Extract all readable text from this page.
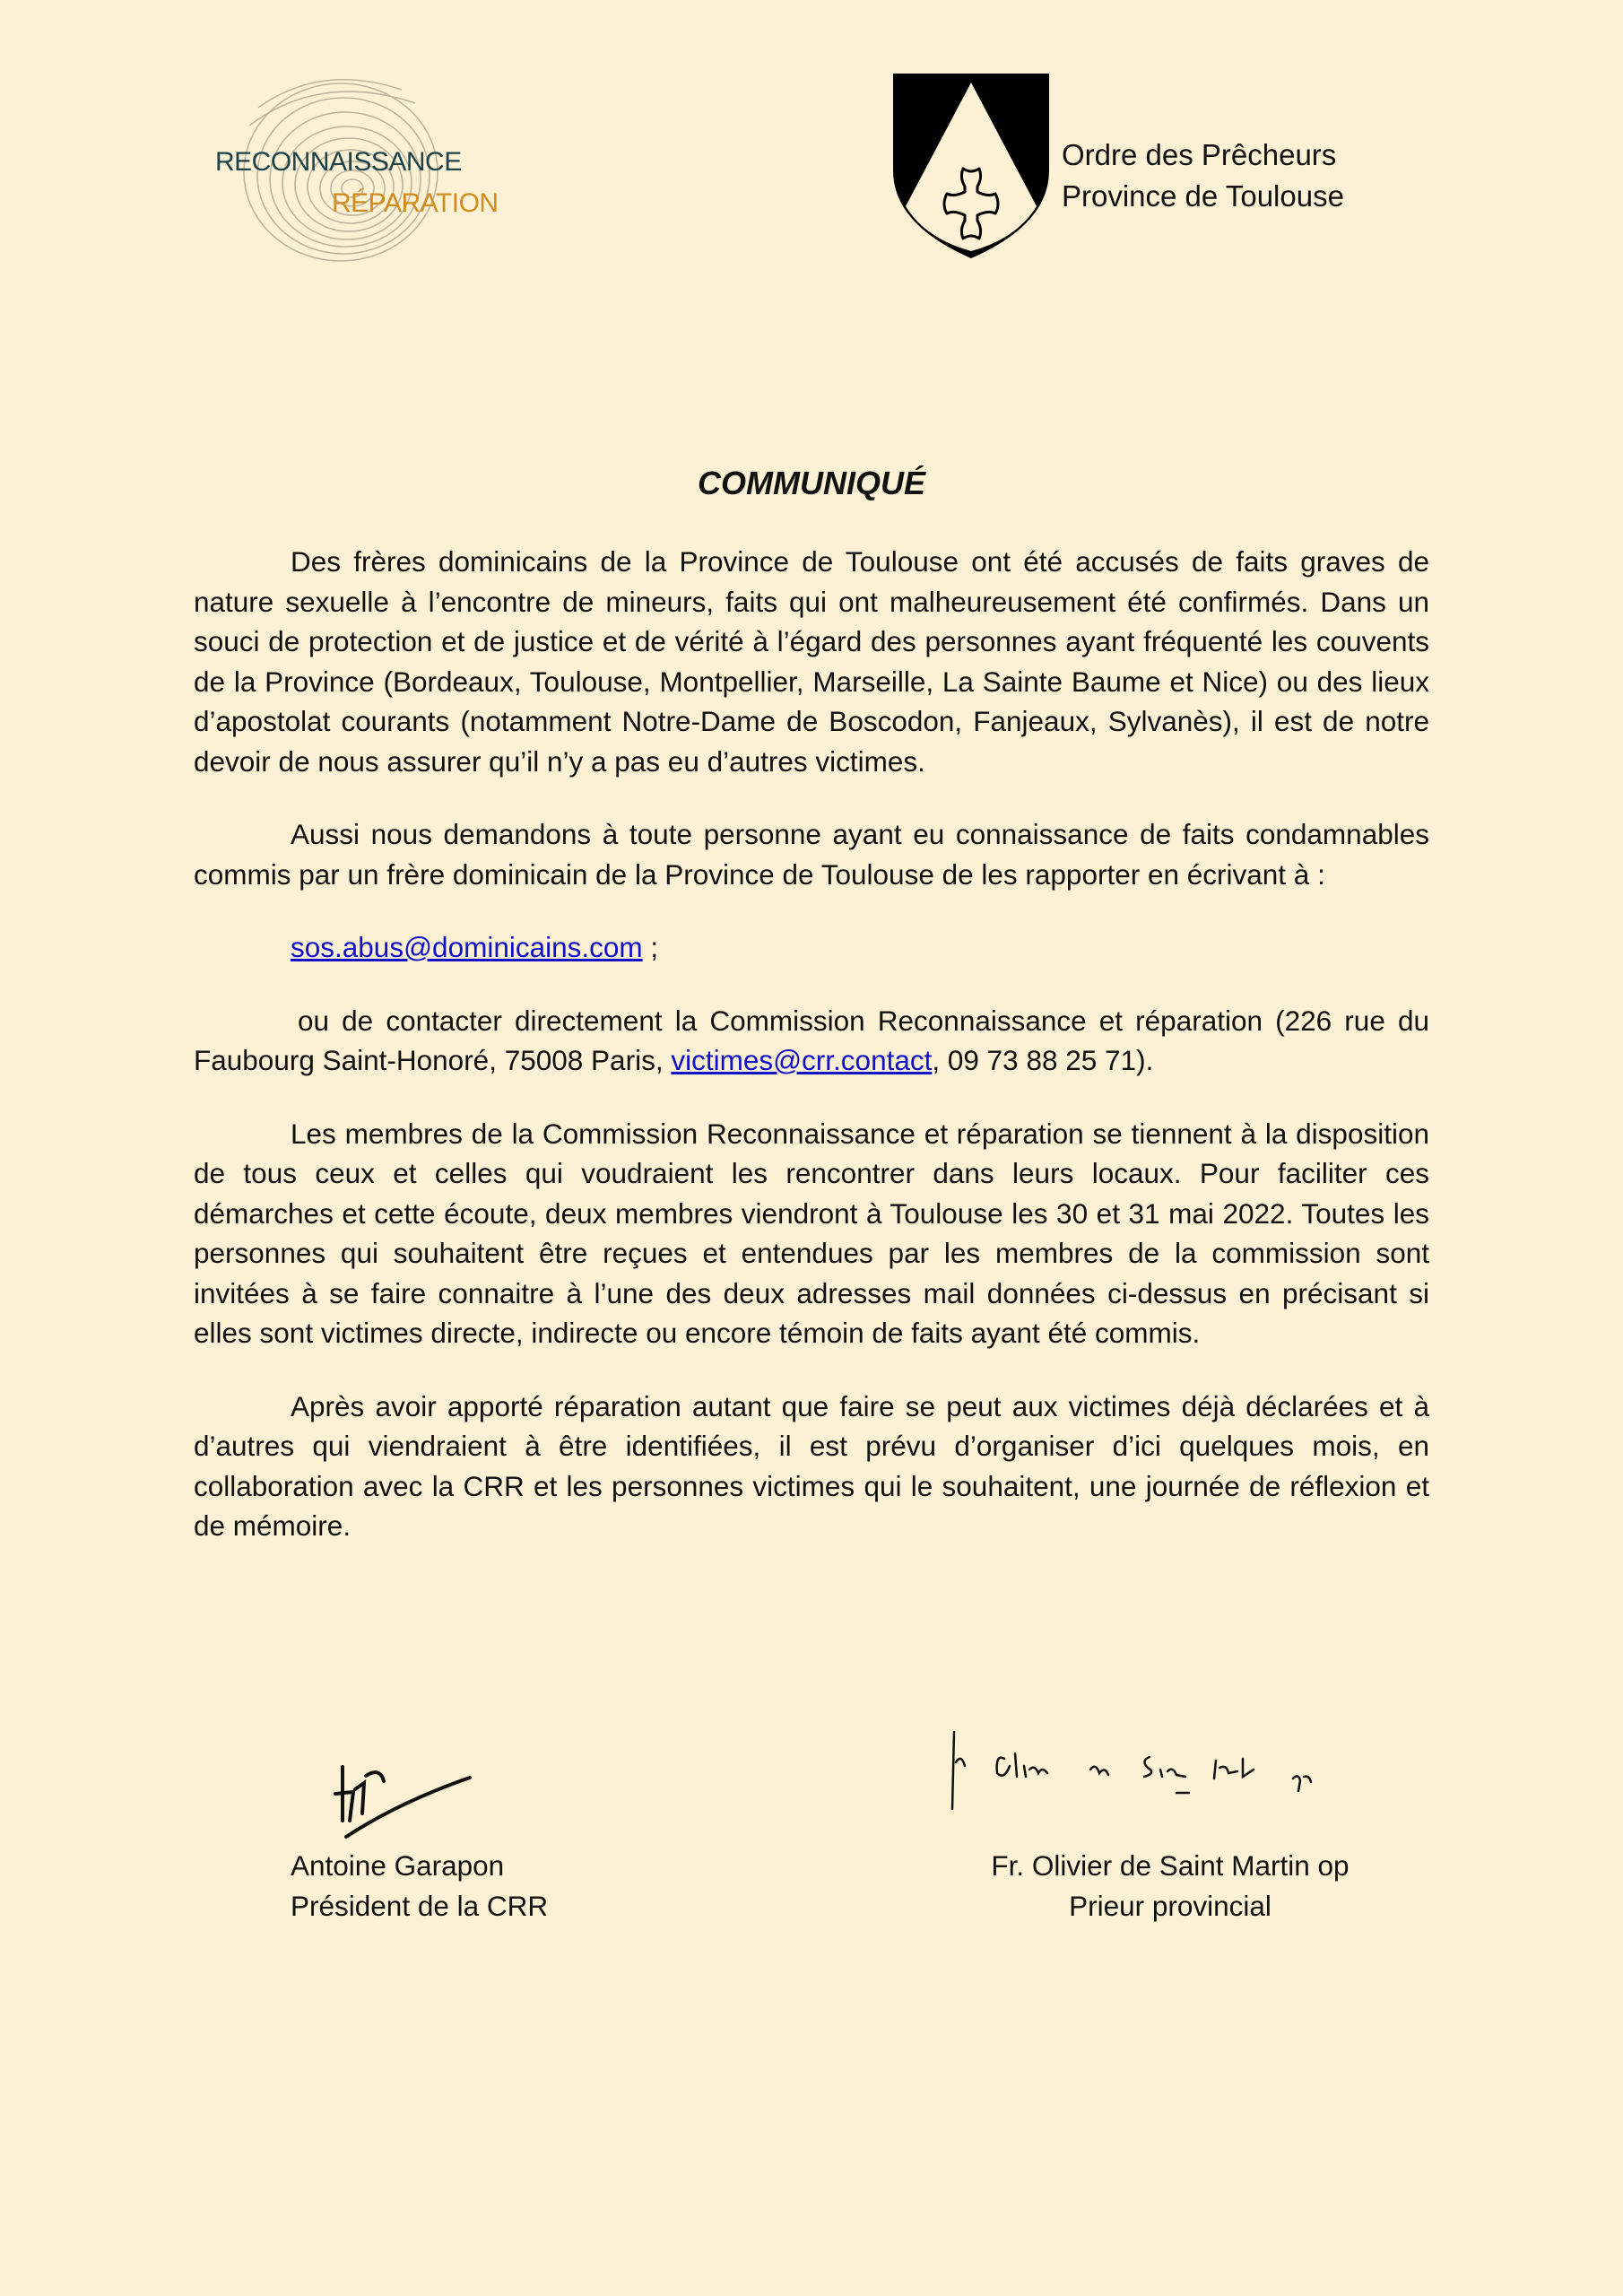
RECONNAISSANCE
RÉPARATION
Ordre des Prêcheurs
Province de Toulouse
COMMUNIQUÉ

Des frères dominicains de la Province de Toulouse ont été accusés de faits graves de nature sexuelle à l’encontre de mineurs, faits qui ont malheureusement été confirmés. Dans un souci de protection et de justice et de vérité à l’égard des personnes ayant fréquenté les couvents de la Province (Bordeaux, Toulouse, Montpellier, Marseille, La Sainte Baume et Nice) ou des lieux d’apostolat courants (notamment Notre-Dame de Boscodon, Fanjeaux, Sylvanès), il est de notre devoir de nous assurer qu’il n’y a pas eu d’autres victimes.

Aussi nous demandons à toute personne ayant eu connaissance de faits condamnables commis par un frère dominicain de la Province de Toulouse de les rapporter en écrivant à :

sos.abus@dominicains.com ;

ou de contacter directement la Commission Reconnaissance et réparation (226 rue du Faubourg Saint-Honoré, 75008 Paris, victimes@crr.contact, 09 73 88 25 71).

Les membres de la Commission Reconnaissance et réparation se tiennent à la disposition de tous ceux et celles qui voudraient les rencontrer dans leurs locaux. Pour faciliter ces démarches et cette écoute, deux membres viendront à Toulouse les 30 et 31 mai 2022. Toutes les personnes qui souhaitent être reçues et entendues par les membres de la commission sont invitées à se faire connaitre à l’une des deux adresses mail données ci-dessus en précisant si elles sont victimes directe, indirecte ou encore témoin de faits ayant été commis.

Après avoir apporté réparation autant que faire se peut aux victimes déjà déclarées et à d’autres qui viendraient à être identifiées, il est prévu d’organiser d’ici quelques mois, en collaboration avec la CRR et les personnes victimes qui le souhaitent, une journée de réflexion et de mémoire.

Antoine Garapon
Président de la CRR
Fr. Olivier de Saint Martin op
Prieur provincial
